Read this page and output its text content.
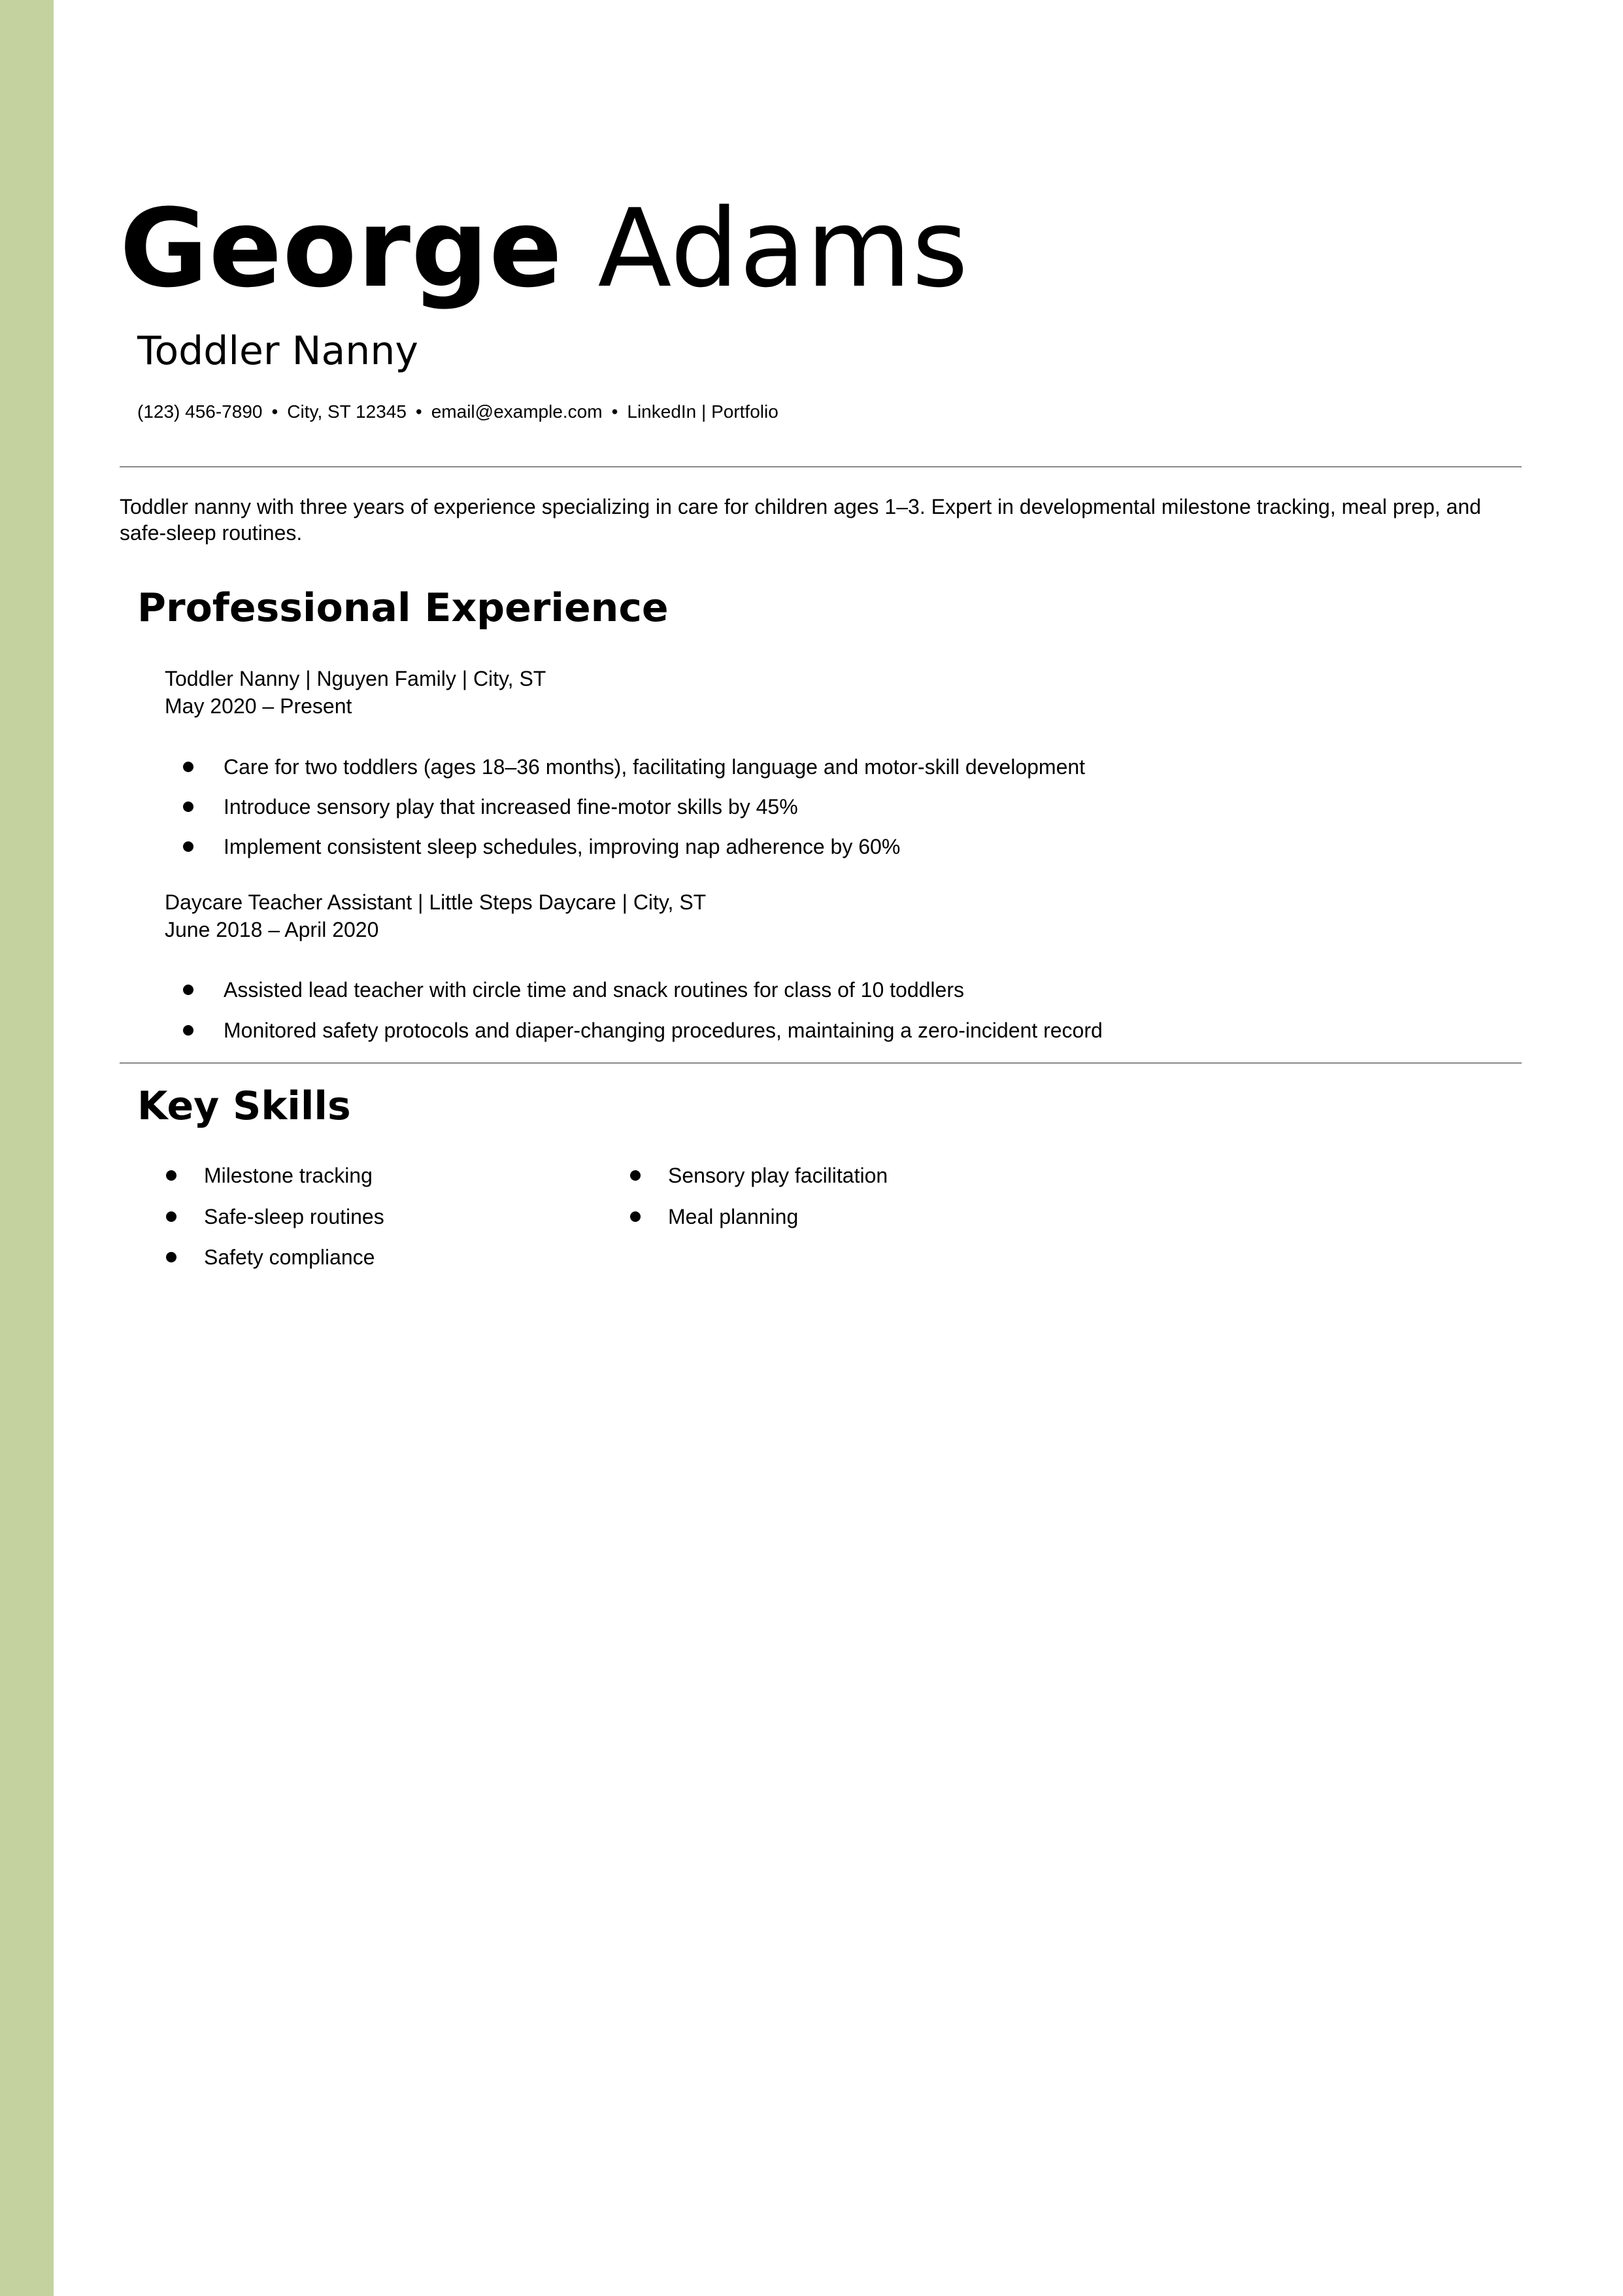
George Adams
Toddler Nanny
(123) 456-7890 • City, ST 12345 • email@example.com • LinkedIn | Portfolio
Toddler nanny with three years of experience specializing in care for children ages 1–3. Expert in developmental milestone tracking, meal prep, and safe-sleep routines.
Professional Experience
Toddler Nanny | Nguyen Family | City, ST
May 2020 – Present
Care for two toddlers (ages 18–36 months), facilitating language and motor-skill development
Introduce sensory play that increased fine-motor skills by 45%
Implement consistent sleep schedules, improving nap adherence by 60%
Daycare Teacher Assistant | Little Steps Daycare | City, ST
June 2018 – April 2020
Assisted lead teacher with circle time and snack routines for class of 10 toddlers
Monitored safety protocols and diaper-changing procedures, maintaining a zero-incident record
Key Skills
Milestone tracking
Safe-sleep routines
Safety compliance
Sensory play facilitation
Meal planning
